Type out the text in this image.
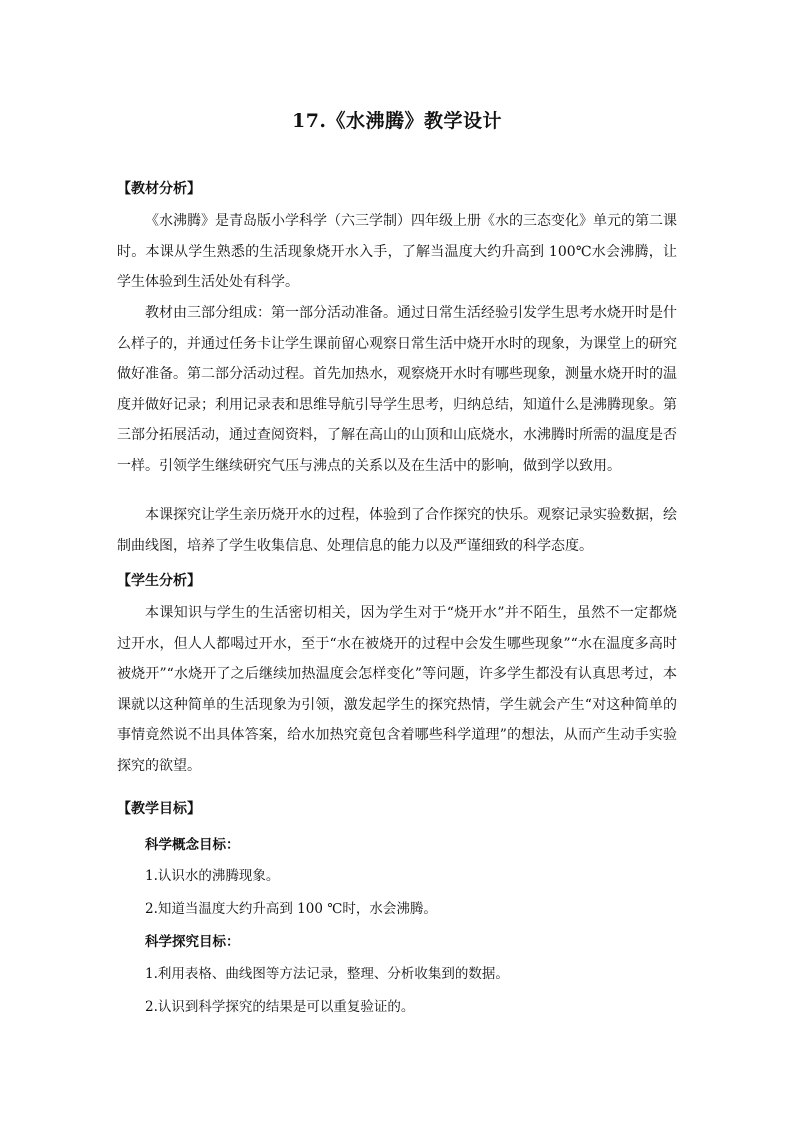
17.《水沸腾》教学设计
【教材分析】
《水沸腾》是青岛版小学科学（六三学制）四年级上册《水的三态变化》单元的第二课时。本课从学生熟悉的生活现象烧开水入手，了解当温度大约升高到 100℃水会沸腾，让学生体验到生活处处有科学。
教材由三部分组成：第一部分活动准备。通过日常生活经验引发学生思考水烧开时是什么样子的，并通过任务卡让学生课前留心观察日常生活中烧开水时的现象，为课堂上的研究做好准备。第二部分活动过程。首先加热水，观察烧开水时有哪些现象，测量水烧开时的温度并做好记录；利用记录表和思维导航引导学生思考，归纳总结，知道什么是沸腾现象。第三部分拓展活动，通过查阅资料，了解在高山的山顶和山底烧水，水沸腾时所需的温度是否一样。引领学生继续研究气压与沸点的关系以及在生活中的影响，做到学以致用。
本课探究让学生亲历烧开水的过程，体验到了合作探究的快乐。观察记录实验数据，绘制曲线图，培养了学生收集信息、处理信息的能力以及严谨细致的科学态度。
【学生分析】
本课知识与学生的生活密切相关，因为学生对于“烧开水”并不陌生，虽然不一定都烧过开水，但人人都喝过开水，至于“水在被烧开的过程中会发生哪些现象”“水在温度多高时被烧开”“水烧开了之后继续加热温度会怎样变化”等问题，许多学生都没有认真思考过，本课就以这种简单的生活现象为引领，激发起学生的探究热情，学生就会产生“对这种简单的事情竟然说不出具体答案，给水加热究竟包含着哪些科学道理”的想法，从而产生动手实验探究的欲望。
【教学目标】
科学概念目标：
1.认识水的沸腾现象。
2.知道当温度大约升高到 100 ℃时，水会沸腾。
科学探究目标：
1.利用表格、曲线图等方法记录，整理、分析收集到的数据。
2.认识到科学探究的结果是可以重复验证的。
